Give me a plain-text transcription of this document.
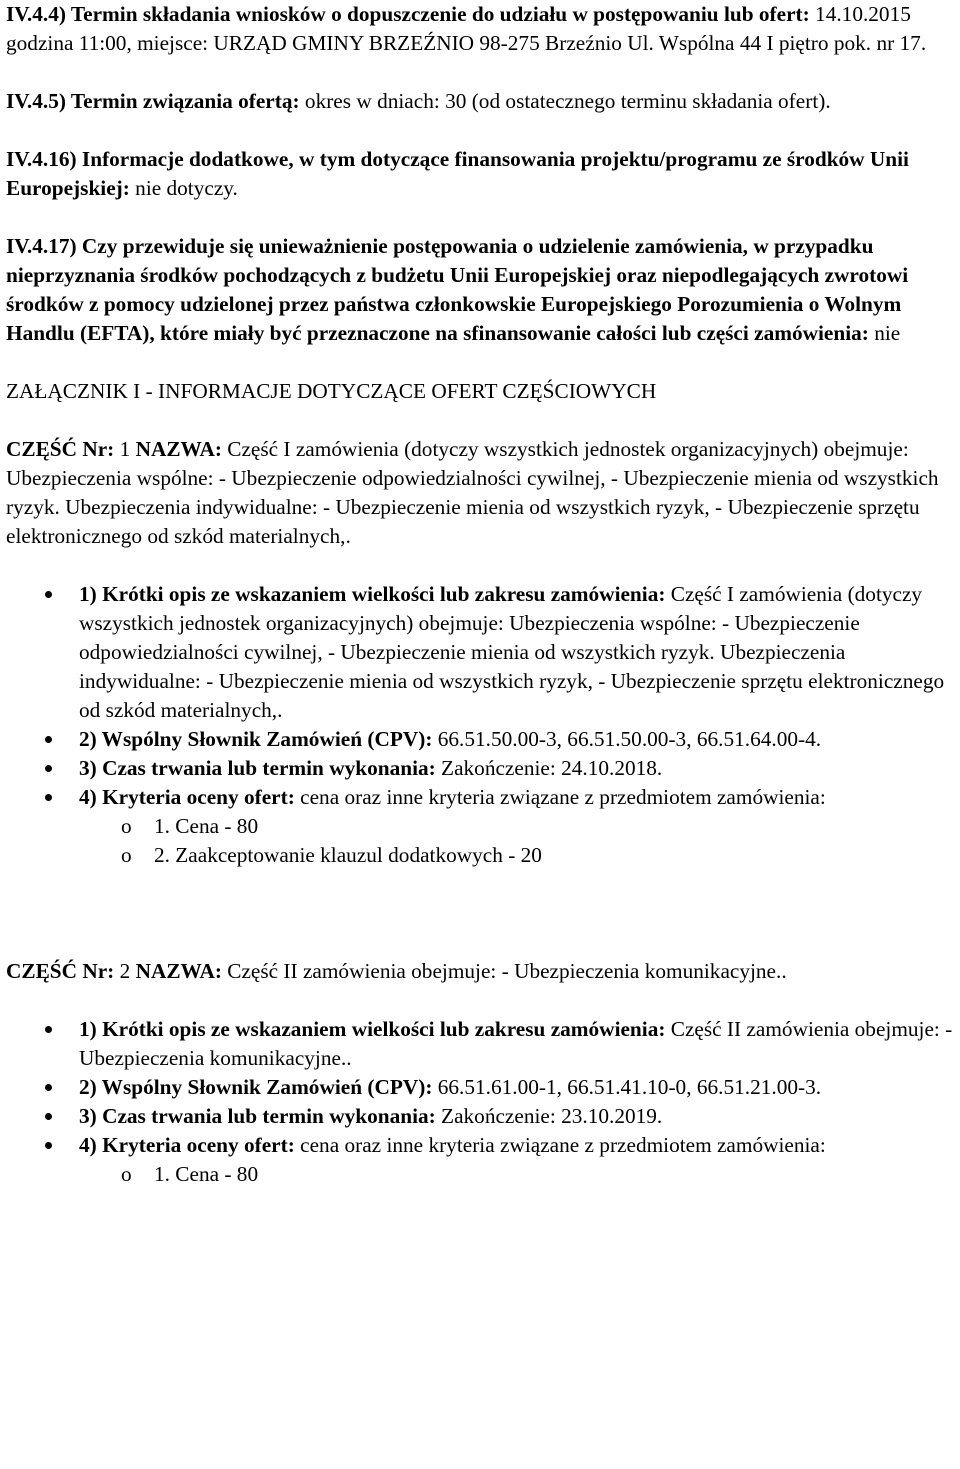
IV.4.4) Termin składania wniosków o dopuszczenie do udziału w postępowaniu lub ofert: 14.10.2015 godzina 11:00, miejsce: URZĄD GMINY BRZEŹNIO 98-275 Brzeźnio Ul. Wspólna 44 I piętro pok. nr 17.

IV.4.5) Termin związania ofertą: okres w dniach: 30 (od ostatecznego terminu składania ofert).

IV.4.16) Informacje dodatkowe, w tym dotyczące finansowania projektu/programu ze środków Unii Europejskiej: nie dotyczy.

IV.4.17) Czy przewiduje się unieważnienie postępowania o udzielenie zamówienia, w przypadku nieprzyznania środków pochodzących z budżetu Unii Europejskiej oraz niepodlegających zwrotowi środków z pomocy udzielonej przez państwa członkowskie Europejskiego Porozumienia o Wolnym Handlu (EFTA), które miały być przeznaczone na sfinansowanie całości lub części zamówienia: nie

ZAŁĄCZNIK I - INFORMACJE DOTYCZĄCE OFERT CZĘŚCIOWYCH

CZĘŚĆ Nr: 1 NAZWA: Część I zamówienia (dotyczy wszystkich jednostek organizacyjnych) obejmuje: Ubezpieczenia wspólne: - Ubezpieczenie odpowiedzialności cywilnej, - Ubezpieczenie mienia od wszystkich ryzyk. Ubezpieczenia indywidualne: - Ubezpieczenie mienia od wszystkich ryzyk, - Ubezpieczenie sprzętu elektronicznego od szkód materialnych,.

1) Krótki opis ze wskazaniem wielkości lub zakresu zamówienia: Część I zamówienia (dotyczy wszystkich jednostek organizacyjnych) obejmuje: Ubezpieczenia wspólne: - Ubezpieczenie odpowiedzialności cywilnej, - Ubezpieczenie mienia od wszystkich ryzyk. Ubezpieczenia indywidualne: - Ubezpieczenie mienia od wszystkich ryzyk, - Ubezpieczenie sprzętu elektronicznego od szkód materialnych,.
2) Wspólny Słownik Zamówień (CPV): 66.51.50.00-3, 66.51.50.00-3, 66.51.64.00-4.
3) Czas trwania lub termin wykonania: Zakończenie: 24.10.2018.
4) Kryteria oceny ofert: cena oraz inne kryteria związane z przedmiotem zamówienia:
o 1. Cena - 80
o 2. Zaakceptowanie klauzul dodatkowych - 20

CZĘŚĆ Nr: 2 NAZWA: Część II zamówienia obejmuje: - Ubezpieczenia komunikacyjne..

1) Krótki opis ze wskazaniem wielkości lub zakresu zamówienia: Część II zamówienia obejmuje: - Ubezpieczenia komunikacyjne..
2) Wspólny Słownik Zamówień (CPV): 66.51.61.00-1, 66.51.41.10-0, 66.51.21.00-3.
3) Czas trwania lub termin wykonania: Zakończenie: 23.10.2019.
4) Kryteria oceny ofert: cena oraz inne kryteria związane z przedmiotem zamówienia:
o 1. Cena - 80
